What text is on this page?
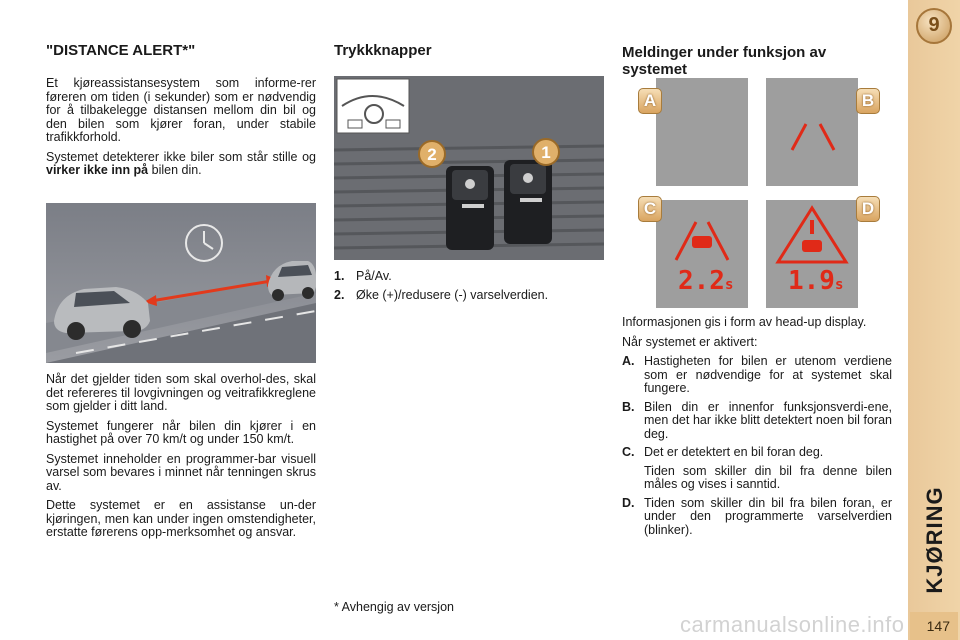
9
KJØRING
147
"DISTANCE ALERT*"

Et kjøreassistansesystem som informe-rer føreren om tiden (i sekunder) som er nødvendig for å tilbakelegge distansen mellom din bil og den bilen som kjører foran, under stabile trafikkforhold.

Systemet detekterer ikke biler som står stille og virker ikke inn på bilen din.

Når det gjelder tiden som skal overhol-des, skal det refereres til lovgivningen og veitrafikkreglene som gjelder i ditt land.

Systemet fungerer når bilen din kjører i en hastighet på over 70 km/t og under 150 km/t.

Systemet inneholder en programmer-bar visuell varsel som bevares i minnet når tenningen skrus av.

Dette systemet er en assistanse un-der kjøringen, men kan under ingen omstendigheter, erstatte førerens opp-merksomhet og ansvar.

Trykkknapper
2	1
1. På/Av.
2. Øke (+)/redusere (-) varselverdien.
Meldinger under funksjon av systemet
A	B
2.2s
C
1.9s
D

Informasjonen gis i form av head-up display.

Når systemet er aktivert:

A. Hastigheten for bilen er utenom verdiene som er nødvendige for at systemet skal fungere.
B. Bilen din er innenfor funksjonsverdi-ene, men det har ikke blitt detektert noen bil foran deg.
C. Det er detektert en bil foran deg.
Tiden som skiller din bil fra denne bilen måles og vises i sanntid.
D. Tiden som skiller din bil fra bilen foran, er under den programmerte varselverdien (blinker).
* Avhengig av versjon
carmanualsonline.info
